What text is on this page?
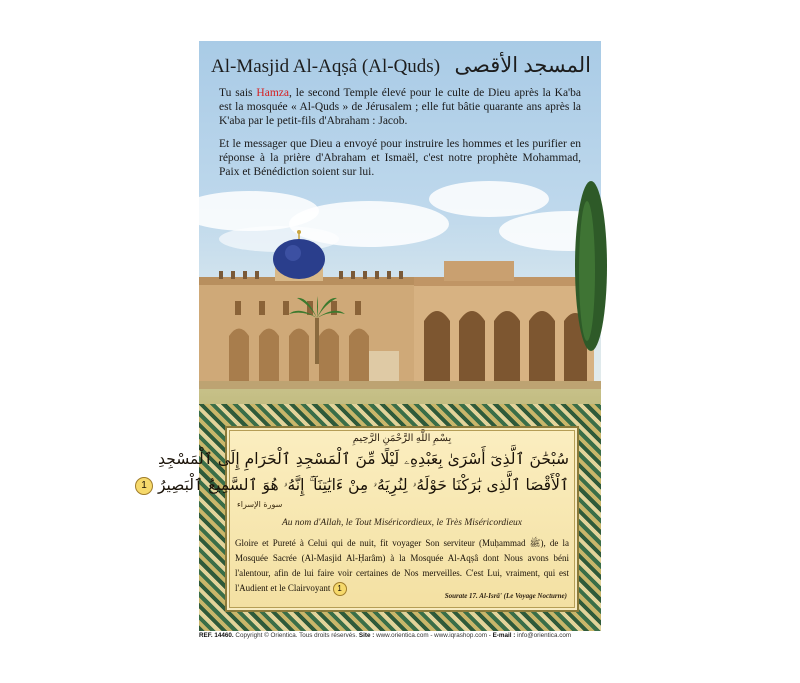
Al-Masjid Al-Aqṣâ (Al-Quds) المسجد الأقصى

Tu sais Hamza, le second Temple élevé pour le culte de Dieu après la Ka'ba est la mosquée « Al-Quds » de Jérusalem ; elle fut bâtie quarante ans après la K'aba par le petit-fils d'Abraham : Jacob.

Et le messager que Dieu a envoyé pour instruire les hommes et les purifier en réponse à la prière d'Abraham et Ismaël, c'est notre prophète Mohammad, Paix et Bénédiction soient sur lui.

بِسْمِ اللَّهِ الرَّحْمَنِ الرَّحِيمِ
سُبْحَٰنَ ٱلَّذِىٓ أَسْرَىٰ بِعَبْدِهِۦ لَيْلًا مِّنَ ٱلْمَسْجِدِ ٱلْحَرَامِ إِلَى ٱلْمَسْجِدِ
ٱلْأَقْصَا ٱلَّذِى بَٰرَكْنَا حَوْلَهُۥ لِنُرِيَهُۥ مِنْ ءَايَٰتِنَآ ۚ إِنَّهُۥ هُوَ ٱلسَّمِيعُ ٱلْبَصِيرُ 1
سورة الإسراء
Au nom d'Allah, le Tout Miséricordieux, le Très Miséricordieux
Gloire et Pureté à Celui qui de nuit, fit voyager Son serviteur (Muḥammad ﷺ), de la Mosquée Sacrée (Al-Masjid Al-Ḥarâm) à la Mosquée Al-Aqṣâ dont Nous avons béni l'alentour, afin de lui faire voir certaines de Nos merveilles. C'est Lui, vraiment, qui est l'Audient et le Clairvoyant 1
Sourate 17. Al-Isrâ' (Le Voyage Nocturne)
REF. 14460. Copyright © Orientica. Tous droits réservés. Site : www.orientica.com - www.iqrashop.com - E-mail : info@orientica.com
